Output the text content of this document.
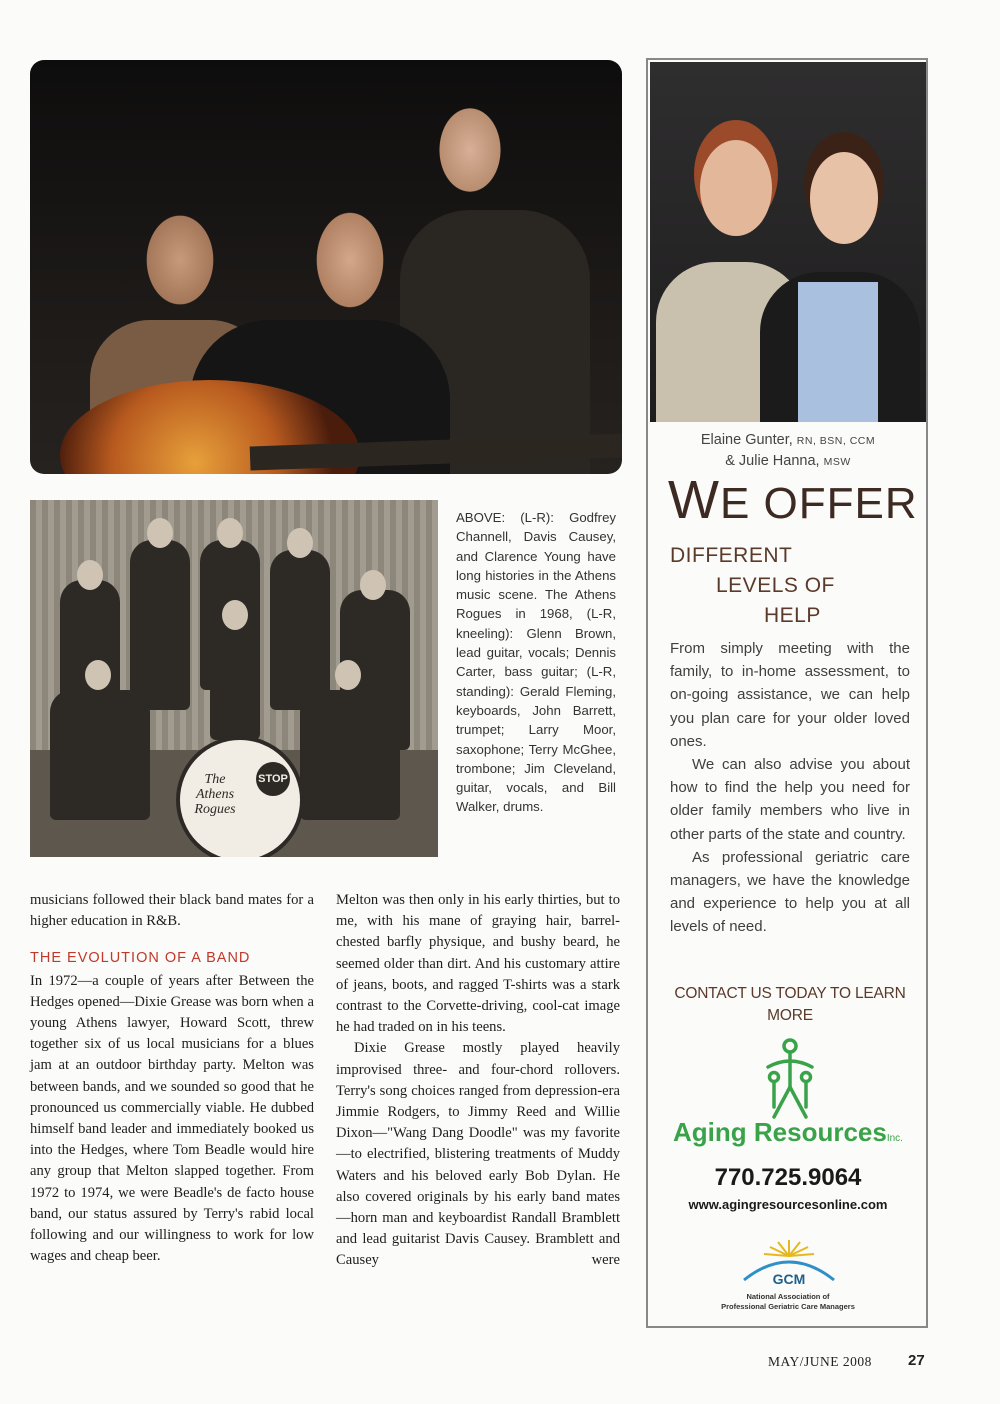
The
Athens
Rogues
STOP
ABOVE: (L-R): Godfrey Channell, Davis Causey, and Clarence Young have long histories in the Athens music scene. The Athens Rogues in 1968, (L-R, kneeling): Glenn Brown, lead guitar, vocals; Dennis Carter, bass guitar; (L-R, standing): Gerald Fleming, keyboards, John Barrett, trumpet; Larry Moor, saxophone; Terry McGhee, trombone; Jim Cleveland, guitar, vocals, and Bill Walker, drums.

musicians followed their black band mates for a higher education in R&B.

THE EVOLUTION OF A BAND

In 1972—a couple of years after Between the Hedges opened—Dixie Grease was born when a young Athens lawyer, Howard Scott, threw together six of us local musicians for a blues jam at an outdoor birthday party. Melton was between bands, and we sounded so good that he pronounced us commercially viable. He dubbed himself band leader and immediately booked us into the Hedges, where Tom Beadle would hire any group that Melton slapped together. From 1972 to 1974, we were Beadle's de facto house band, our status assured by Terry's rabid local following and our willingness to work for low wages and cheap beer.

Melton was then only in his early thirties, but to me, with his mane of graying hair, barrel-chested barfly physique, and bushy beard, he seemed older than dirt. And his customary attire of jeans, boots, and ragged T-shirts was a stark contrast to the Corvette-driving, cool-cat image he had traded on in his teens.

Dixie Grease mostly played heavily improvised three- and four-chord rollovers. Terry's song choices ranged from depression-era Jimmie Rodgers, to Jimmy Reed and Willie Dixon—"Wang Dang Doodle" was my favorite—to electrified, blistering treatments of Muddy Waters and his beloved early Bob Dylan. He also covered originals by his early band mates—horn man and keyboardist Randall Bramblett and lead guitarist Davis Causey. Bramblett and Causey were

Elaine Gunter, RN, BSN, CCM
& Julie Hanna, MSW
WE OFFER
DIFFERENT
LEVELS OF
HELP

From simply meeting with the family, to in-home assessment, to on-going assistance, we can help you plan care for your older loved ones.

We can also advise you about how to find the help you need for older family members who live in other parts of the state and country.

As professional geriatric care managers, we have the knowledge and experience to help you at all levels of need.

CONTACT US TODAY TO LEARN MORE
Aging ResourcesInc.
770.725.9064
www.agingresourcesonline.com
GCM
National Association of
Professional Geriatric Care Managers
MAY/JUNE 2008 27
